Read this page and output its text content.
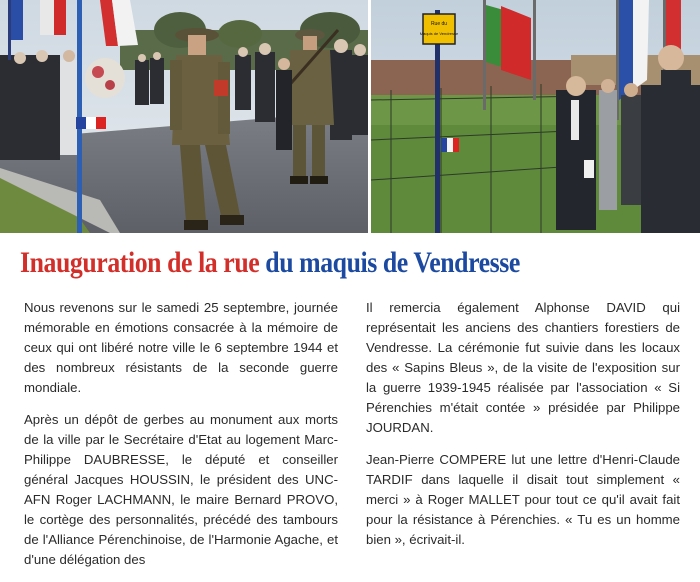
Rue du
Maquis de Vendresse
Inauguration de la rue du maquis de Vendresse

Nous revenons sur le samedi 25 septembre, journée mémorable en émotions consacrée à la mémoire de ceux qui ont libéré notre ville le 6 septembre 1944 et des nombreux résistants de la seconde guerre mondiale.

Après un dépôt de gerbes au monument aux morts de la ville par le Secrétaire d'Etat au logement Marc-Philippe DAUBRESSE, le député et conseiller général Jacques HOUSSIN, le président des UNC-AFN Roger LACHMANN, le maire Bernard PROVO, le cortège des personnalités, précédé des tambours de l'Alliance Pérenchinoise, de l'Harmonie Agache, et d'une délégation des

Il remercia également Alphonse DAVID qui représentait les anciens des chantiers forestiers de Vendresse. La cérémonie fut suivie dans les locaux des « Sapins Bleus », de la visite de l'exposition sur la guerre 1939-1945 réalisée par l'association « Si Pérenchies m'était contée » présidée par Philippe JOURDAN.

Jean-Pierre COMPERE lut une lettre d'Henri-Claude TARDIF dans laquelle il disait tout simplement « merci » à Roger MALLET pour tout ce qu'il avait fait pour la résistance à Pérenchies. « Tu es un homme bien », écrivait-il.
